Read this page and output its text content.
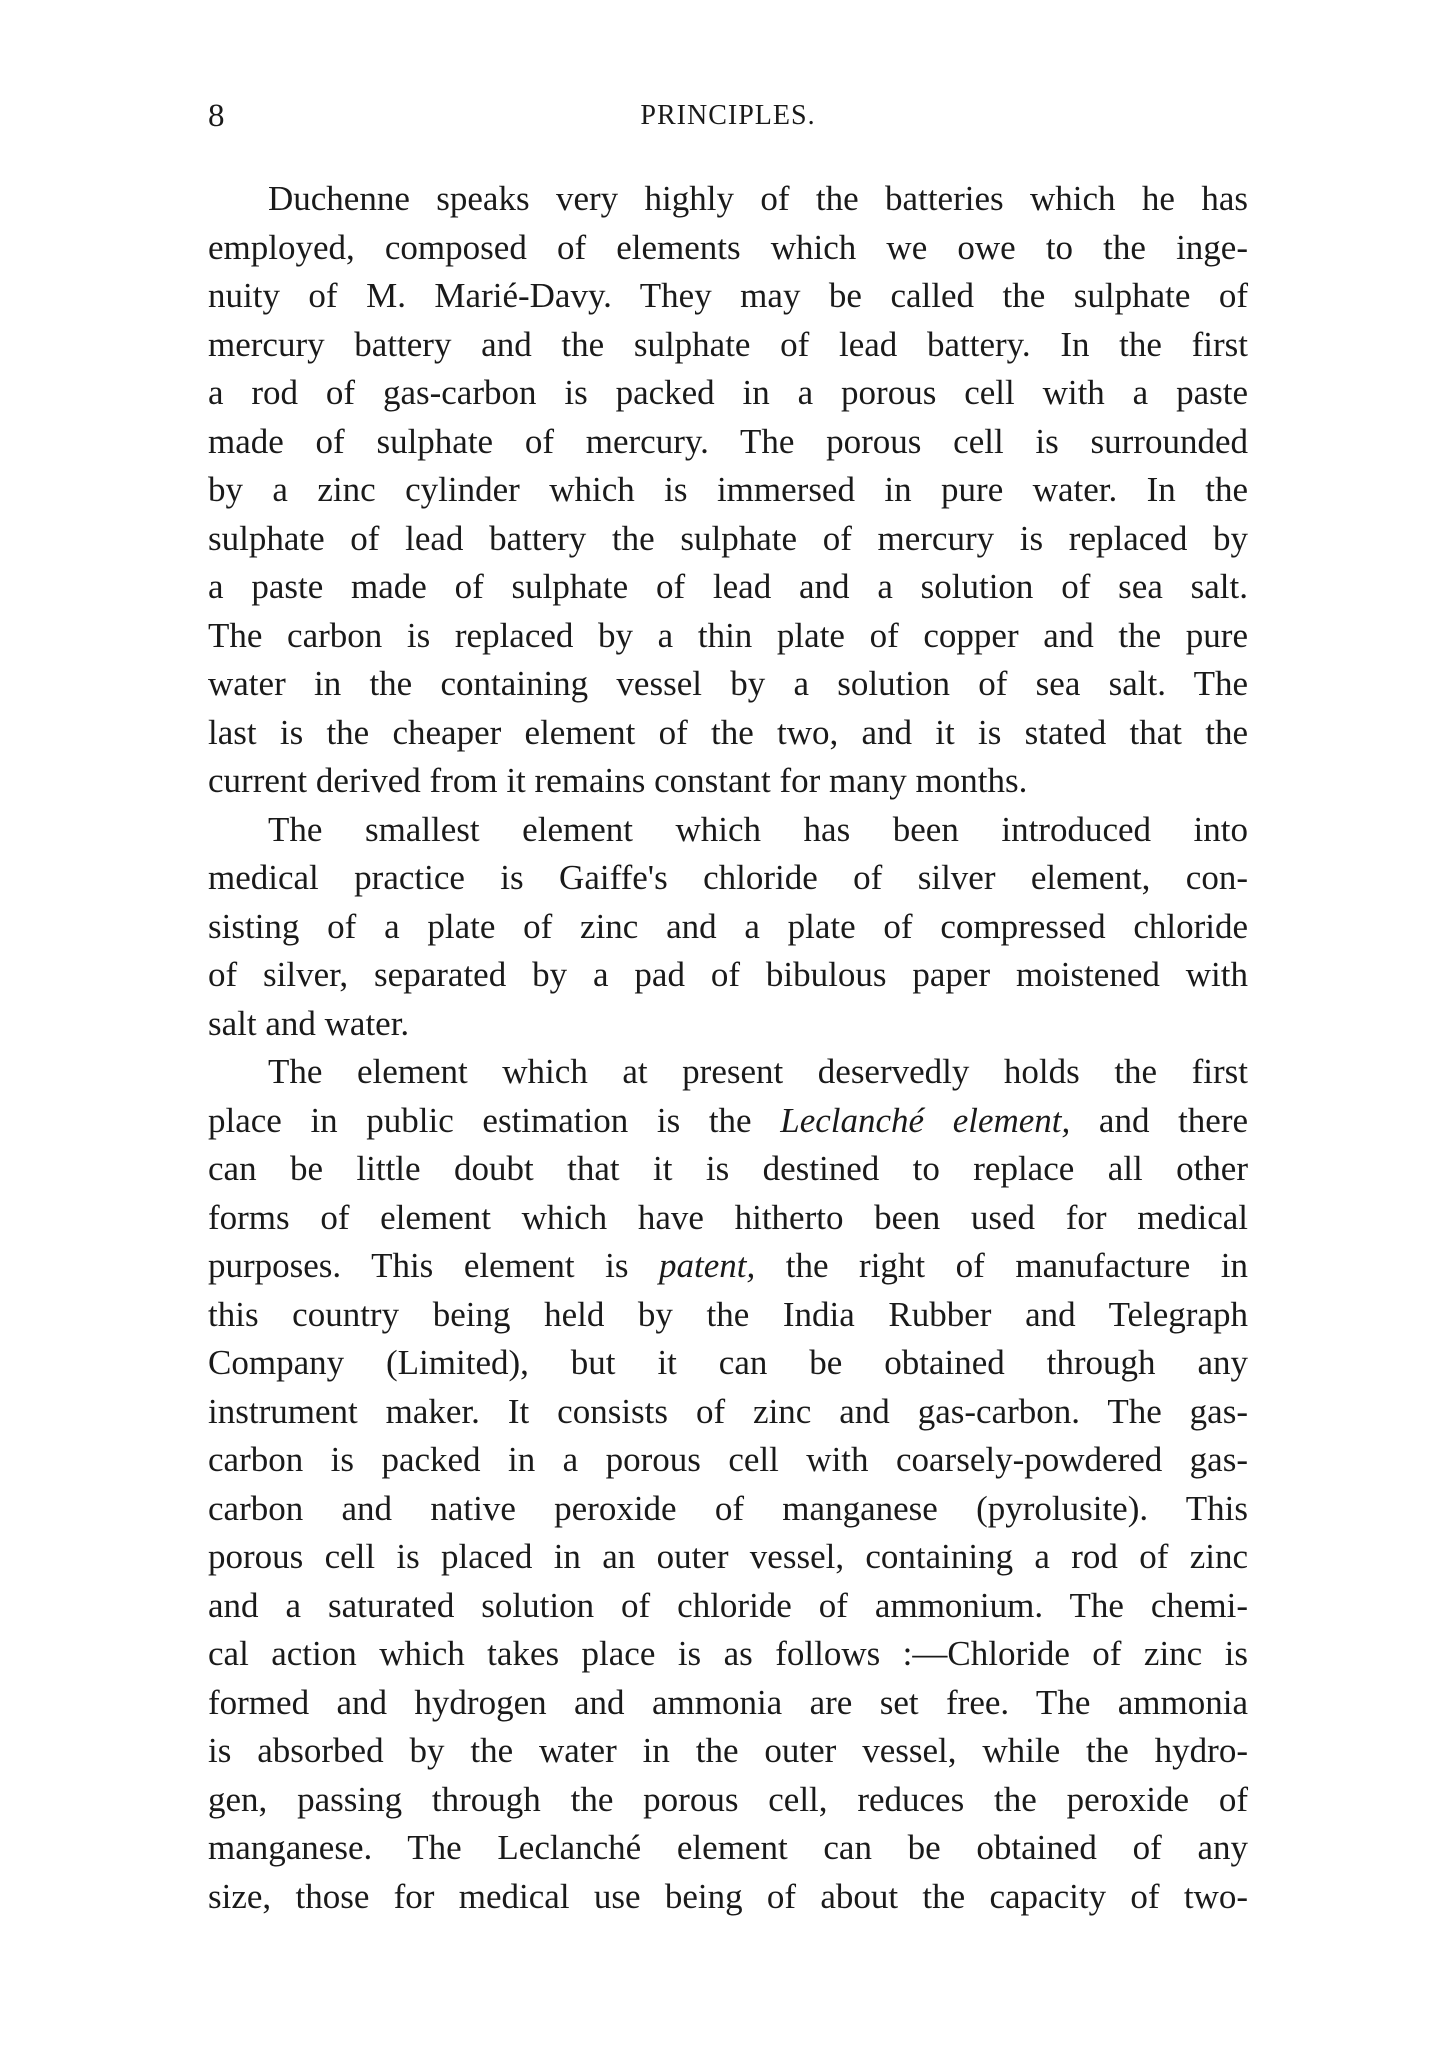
8	PRINCIPLES.
Duchenne speaks very highly of the batteries which he has
employed, composed of elements which we owe to the inge-
nuity of M. Marié-Davy. They may be called the sulphate of
mercury battery and the sulphate of lead battery. In the first
a rod of gas-carbon is packed in a porous cell with a paste
made of sulphate of mercury. The porous cell is surrounded
by a zinc cylinder which is immersed in pure water. In the
sulphate of lead battery the sulphate of mercury is replaced by
a paste made of sulphate of lead and a solution of sea salt.
The carbon is replaced by a thin plate of copper and the pure
water in the containing vessel by a solution of sea salt. The
last is the cheaper element of the two, and it is stated that the
current derived from it remains constant for many months.
The smallest element which has been introduced into
medical practice is Gaiffe's chloride of silver element, con-
sisting of a plate of zinc and a plate of compressed chloride
of silver, separated by a pad of bibulous paper moistened with
salt and water.
The element which at present deservedly holds the first
place in public estimation is the Leclanché element, and there
can be little doubt that it is destined to replace all other
forms of element which have hitherto been used for medical
purposes. This element is patent, the right of manufacture in
this country being held by the India Rubber and Telegraph
Company (Limited), but it can be obtained through any
instrument maker. It consists of zinc and gas-carbon. The gas-
carbon is packed in a porous cell with coarsely-powdered gas-
carbon and native peroxide of manganese (pyrolusite). This
porous cell is placed in an outer vessel, containing a rod of zinc
and a saturated solution of chloride of ammonium. The chemi-
cal action which takes place is as follows :—Chloride of zinc is
formed and hydrogen and ammonia are set free. The ammonia
is absorbed by the water in the outer vessel, while the hydro-
gen, passing through the porous cell, reduces the peroxide of
manganese. The Leclanché element can be obtained of any
size, those for medical use being of about the capacity of two-
